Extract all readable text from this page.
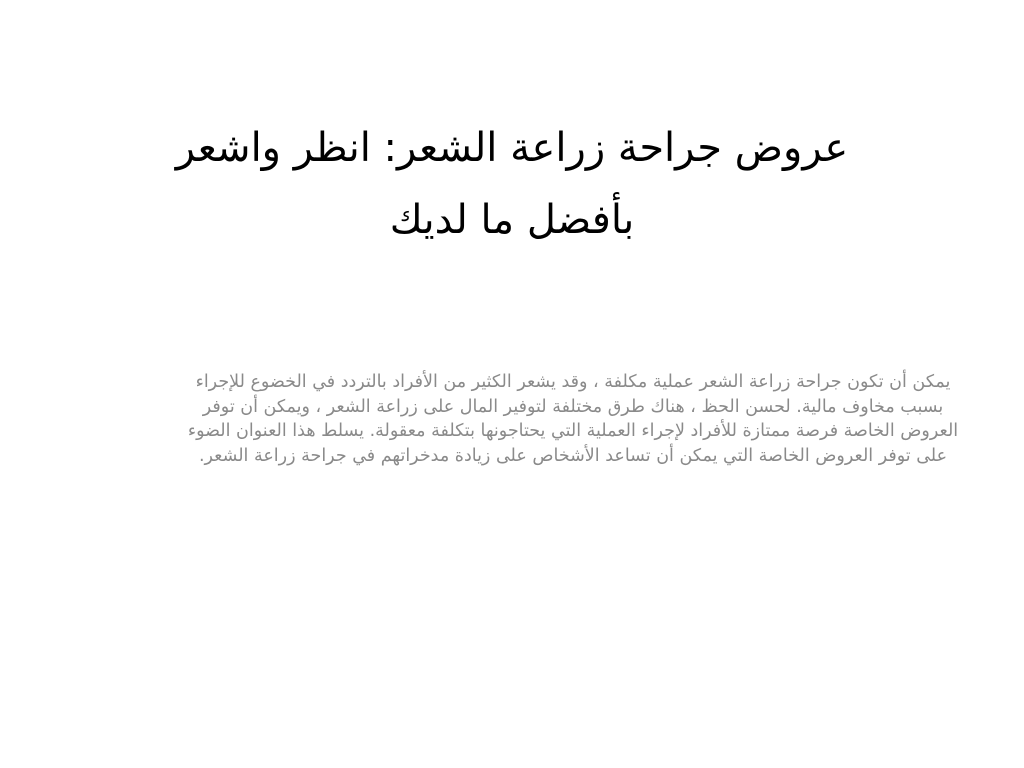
عروض جراحة زراعة الشعر: انظر واشعر بأفضل ما لديك

يمكن أن تكون جراحة زراعة الشعر عملية مكلفة ، وقد يشعر الكثير من الأفراد بالتردد في الخضوع للإجراء بسبب مخاوف مالية. لحسن الحظ ، هناك طرق مختلفة لتوفير المال على زراعة الشعر ، ويمكن أن توفر العروض الخاصة فرصة ممتازة للأفراد لإجراء العملية التي يحتاجونها بتكلفة معقولة. يسلط هذا العنوان الضوء على توفر العروض الخاصة التي يمكن أن تساعد الأشخاص على زيادة مدخراتهم في جراحة زراعة الشعر.
